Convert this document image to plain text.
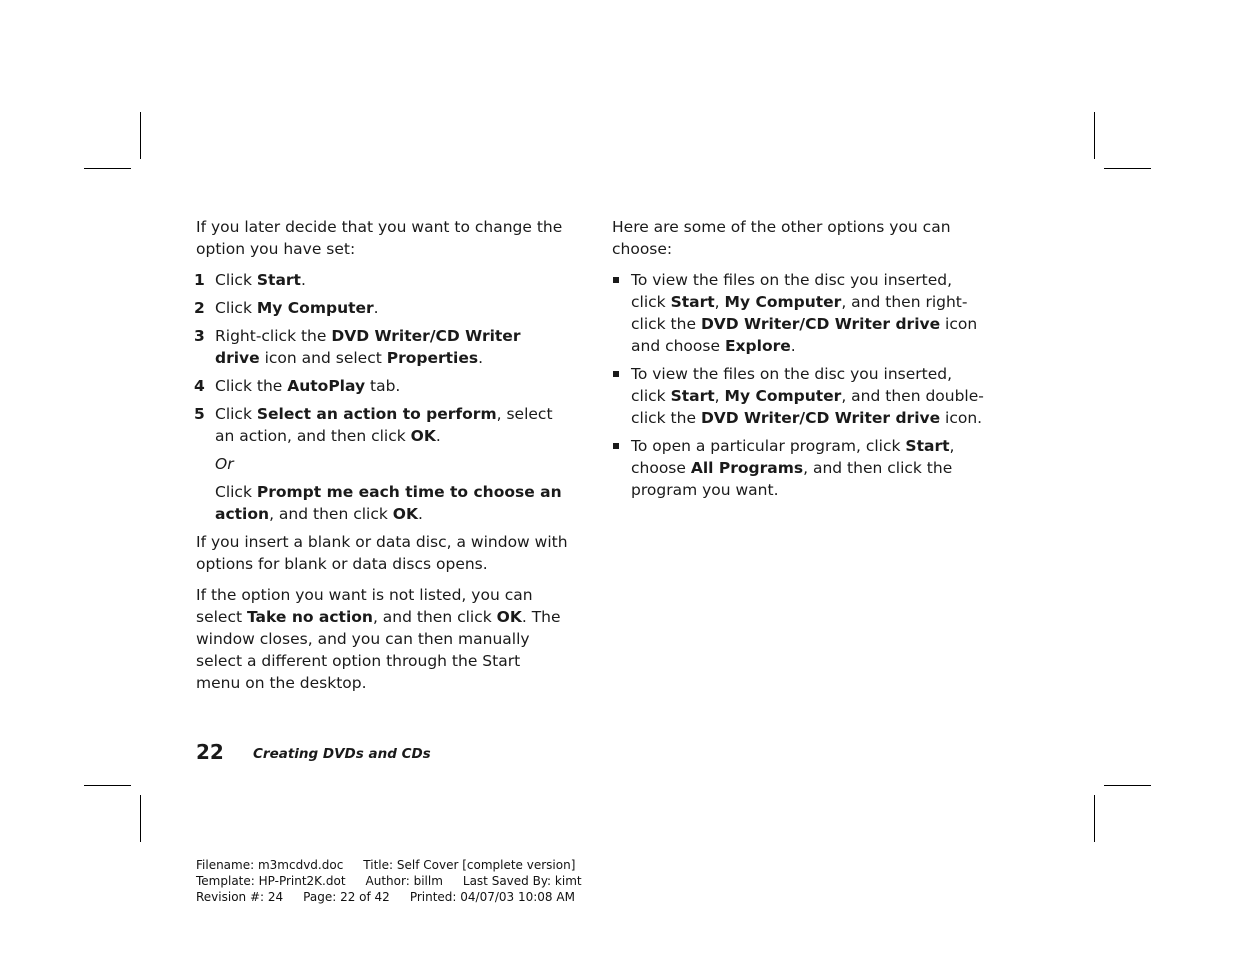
If you later decide that you want to change the option you have set:

1 Click Start.
2 Click My Computer.
3 Right-click the DVD Writer/CD Writer drive icon and select Properties.
4 Click the AutoPlay tab.
5 Click Select an action to perform, select an action, and then click OK.
Or
Click Prompt me each time to choose an action, and then click OK.

If you insert a blank or data disc, a window with options for blank or data discs opens.

If the option you want is not listed, you can select Take no action, and then click OK. The window closes, and you can then manually select a different option through the Start menu on the desktop.

Here are some of the other options you can choose:

To view the files on the disc you inserted, click Start, My Computer, and then right-click the DVD Writer/CD Writer drive icon and choose Explore.
To view the files on the disc you inserted, click Start, My Computer, and then double-click the DVD Writer/CD Writer drive icon.
To open a particular program, click Start, choose All Programs, and then click the program you want.
22 Creating DVDs and CDs
Filename: m3mcdvd.doc Title: Self Cover [complete version]
Template: HP-Print2K.dot Author: billm Last Saved By: kimt
Revision #: 24 Page: 22 of 42 Printed: 04/07/03 10:08 AM
